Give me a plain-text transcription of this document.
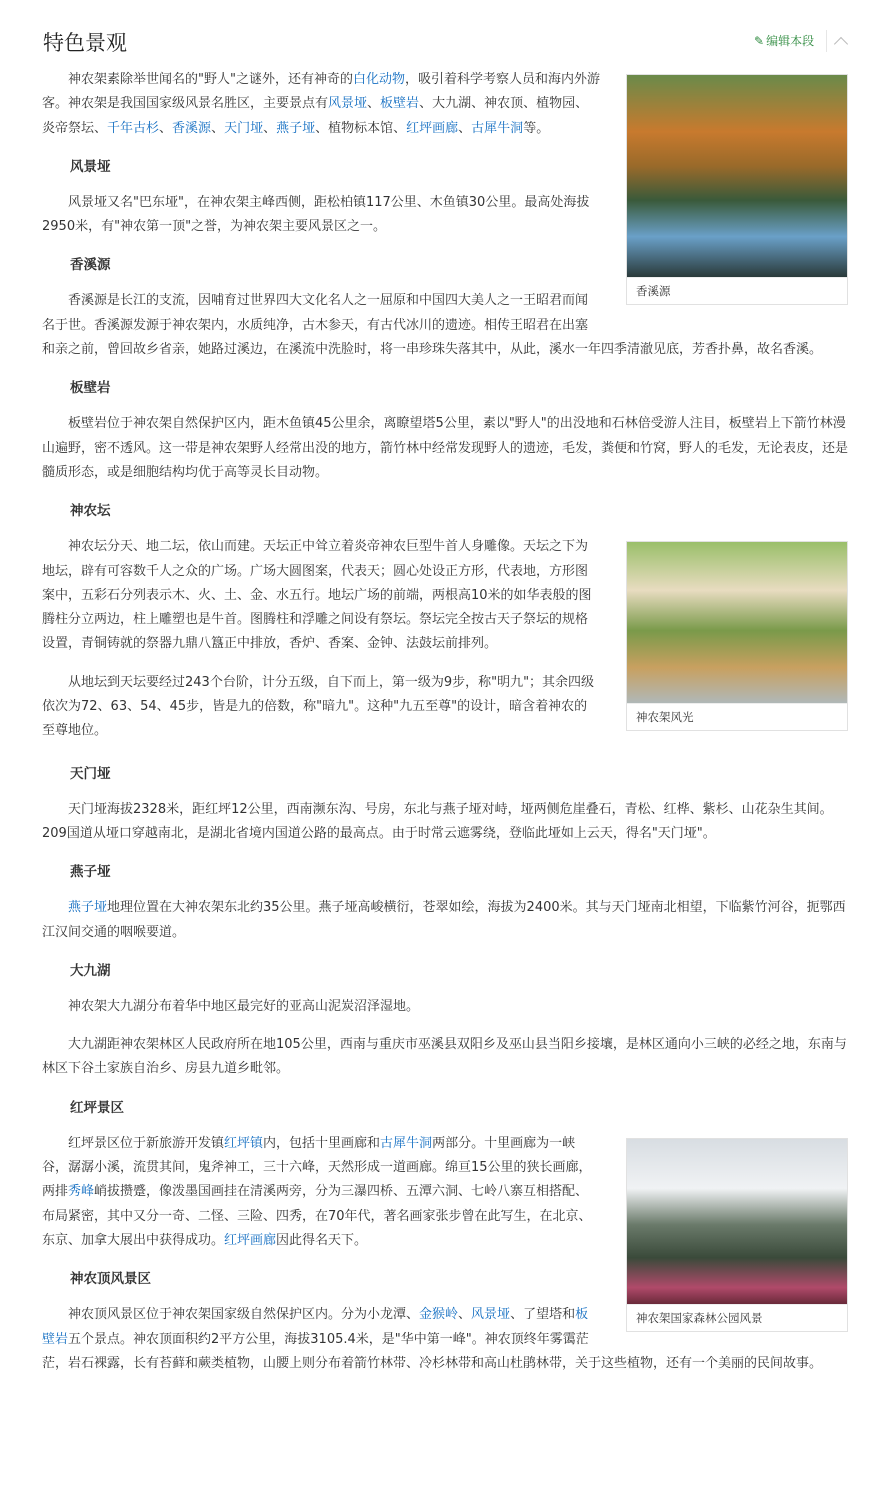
特色景观	✎ 编辑本段
香溪源

神农架素除举世闻名的"野人"之谜外，还有神奇的白化动物，吸引着科学考察人员和海内外游客。神农架是我国国家级风景名胜区，主要景点有风景垭、板壁岩、大九湖、神农顶、植物园、炎帝祭坛、千年古杉、香溪源、天门垭、燕子垭、植物标本馆、红坪画廊、古犀牛洞等。

风景垭

风景垭又名"巴东垭"，在神农架主峰西侧，距松柏镇117公里、木鱼镇30公里。最高处海拔2950米，有"神农第一顶"之誉，为神农架主要风景区之一。

香溪源

香溪源是长江的支流，因哺育过世界四大文化名人之一屈原和中国四大美人之一王昭君而闻名于世。香溪源发源于神农架内，水质纯净，古木参天，有古代冰川的遗迹。相传王昭君在出塞和亲之前，曾回故乡省亲，她路过溪边，在溪流中洗脸时，将一串珍珠失落其中，从此，溪水一年四季清澈见底，芳香扑鼻，故名香溪。

板壁岩

板壁岩位于神农架自然保护区内，距木鱼镇45公里余，离瞭望塔5公里，素以"野人"的出没地和石林倍受游人注目，板壁岩上下箭竹林漫山遍野，密不透风。这一带是神农架野人经常出没的地方，箭竹林中经常发现野人的遗迹，毛发，粪便和竹窝，野人的毛发，无论表皮，还是髓质形态，或是细胞结构均优于高等灵长目动物。

神农坛
神农架风光

神农坛分天、地二坛，依山而建。天坛正中耸立着炎帝神农巨型牛首人身雕像。天坛之下为地坛，辟有可容数千人之众的广场。广场大圆图案，代表天；圆心处设正方形，代表地，方形图案中，五彩石分列表示木、火、土、金、水五行。地坛广场的前端，两根高10米的如华表般的图腾柱分立两边，柱上雕塑也是牛首。图腾柱和浮雕之间设有祭坛。祭坛完全按古天子祭坛的规格设置，青铜铸就的祭器九鼎八簋正中排放，香炉、香案、金钟、法鼓坛前排列。

从地坛到天坛要经过243个台阶，计分五级，自下而上，第一级为9步，称"明九"；其余四级依次为72、63、54、45步，皆是九的倍数，称"暗九"。这种"九五至尊"的设计，暗含着神农的至尊地位。

天门垭

天门垭海拔2328米，距红坪12公里，西南濒东沟、号房，东北与燕子垭对峙，垭两侧危崖叠石，青松、红桦、紫杉、山花杂生其间。 209国道从垭口穿越南北，是湖北省境内国道公路的最高点。由于时常云遮雾绕，登临此垭如上云天，得名"天门垭"。

燕子垭

燕子垭地理位置在大神农架东北约35公里。燕子垭高峻横衍，苍翠如绘，海拔为2400米。其与天门垭南北相望，下临紫竹河谷，扼鄂西江汉间交通的咽喉要道。

大九湖

神农架大九湖分布着华中地区最完好的亚高山泥炭沼泽湿地。

大九湖距神农架林区人民政府所在地105公里，西南与重庆市巫溪县双阳乡及巫山县当阳乡接壤，是林区通向小三峡的必经之地，东南与林区下谷土家族自治乡、房县九道乡毗邻。

红坪景区
神农架国家森林公园风景

红坪景区位于新旅游开发镇红坪镇内，包括十里画廊和古犀牛洞两部分。十里画廊为一峡谷，潺潺小溪，流贯其间，鬼斧神工，三十六峰，天然形成一道画廊。绵亘15公里的狭长画廊，两排秀峰峭拔攒蹙，像泼墨国画挂在清溪两旁，分为三瀑四桥、五潭六洞、七岭八寨互相搭配、布局紧密，其中又分一奇、二怪、三险、四秀，在70年代，著名画家张步曾在此写生，在北京、东京、加拿大展出中获得成功。红坪画廊因此得名天下。

神农顶风景区

神农顶风景区位于神农架国家级自然保护区内。分为小龙潭、金猴岭、风景垭、了望塔和板壁岩五个景点。神农顶面积约2平方公里，海拔3105.4米，是"华中第一峰"。神农顶终年雾霭茫茫，岩石裸露，长有苔藓和蕨类植物，山腰上则分布着箭竹林带、冷杉林带和高山杜鹃林带，关于这些植物，还有一个美丽的民间故事。
